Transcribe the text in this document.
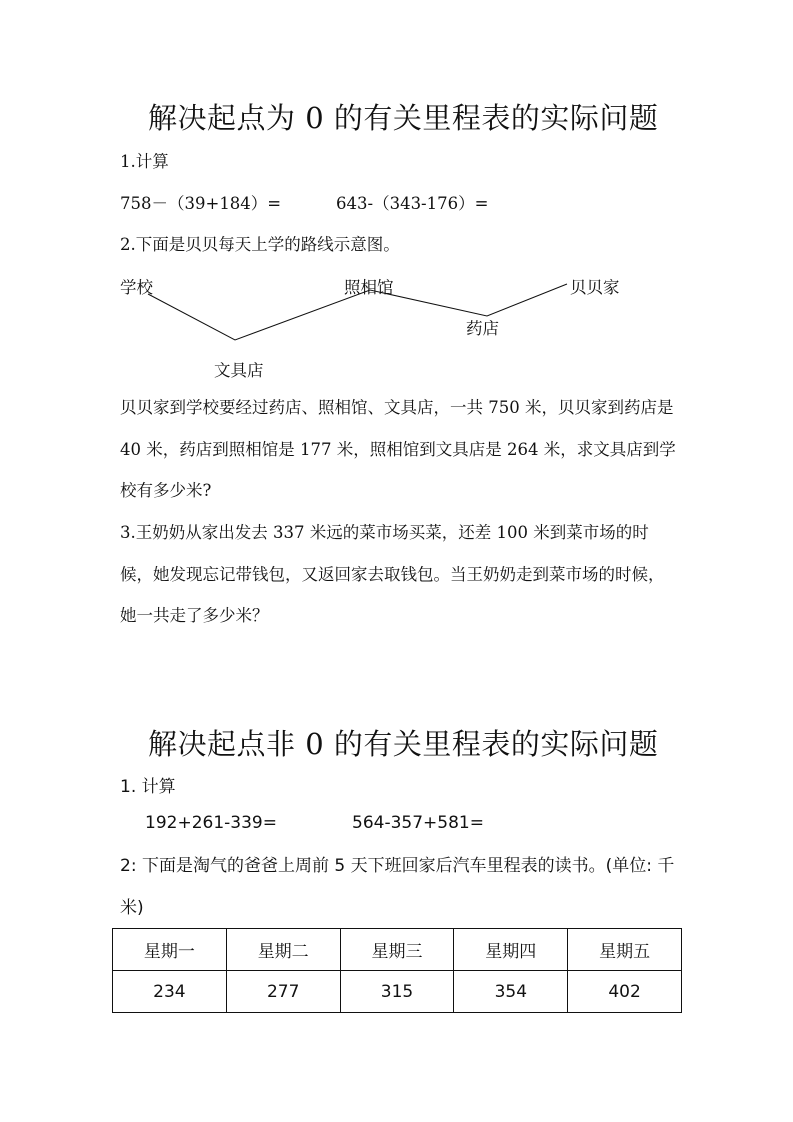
解决起点为 0 的有关里程表的实际问题
1.计算
758－（39+184）=	643-（343-176）=
2.下面是贝贝每天上学的路线示意图。
学校	照相馆	贝贝家
药店
文具店
贝贝家到学校要经过药店、照相馆、文具店，一共 750 米，贝贝家到药店是 40 米，药店到照相馆是 177 米，照相馆到文具店是 264 米，求文具店到学校有多少米?
3.王奶奶从家出发去 337 米远的菜市场买菜，还差 100 米到菜市场的时候，她发现忘记带钱包，又返回家去取钱包。当王奶奶走到菜市场的时候，她一共走了多少米？
解决起点非 0 的有关里程表的实际问题
1. 计算
192+261-339=	564-357+581=
2: 下面是淘气的爸爸上周前 5 天下班回家后汽车里程表的读书。(单位: 千米)
星期一	星期二	星期三	星期四	星期五
234	277	315	354	402
